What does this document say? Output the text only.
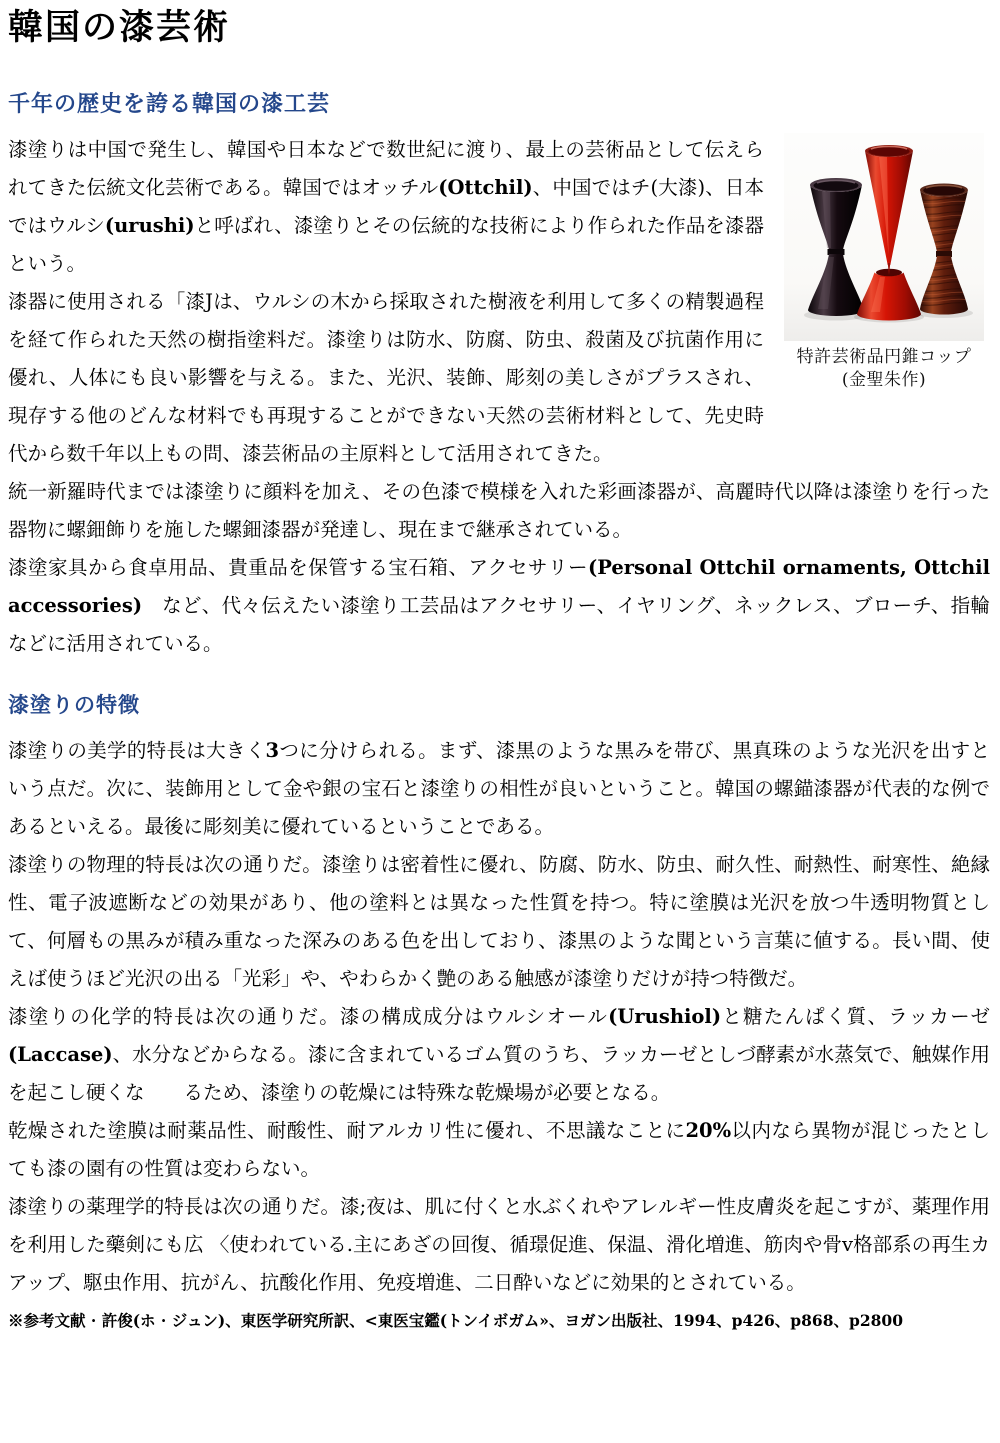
韓国の漆芸術
千年の歴史を誇る韓国の漆工芸
特許芸術品円錐コップ
(金聖朱作)

漆塗りは中国で発生し、韓国や日本などで数世紀に渡り、最上の芸術品として伝えられてきた伝統文化芸術である。韓国ではオッチル(Ottchil)、中国ではチ(大漆)、日本ではウルシ(urushi)と呼ばれ、漆塗りとその伝統的な技術により作られた作品を漆器という。

漆器に使用される「漆Jは、ウルシの木から採取された樹液を利用して多くの精製過程を経て作られた天然の樹指塗料だ。漆塗りは防水、防腐、防虫、殺菌及び抗菌作用に優れ、人体にも良い影響を与える。また、光沢、装飾、彫刻の美しさがプラスされ、現存する他のどんな材料でも再現することができない天然の芸術材料として、先史時代から数千年以上もの問、漆芸術品の主原料として活用されてきた。

統一新羅時代までは漆塗りに顔料を加え、その色漆で模様を入れた彩画漆器が、高麗時代以降は漆塗りを行った器物に螺鈿飾りを施した螺鈿漆器が発達し、現在まで継承されている。

漆塗家具から食卓用品、貴重品を保管する宝石箱、アクセサリー(Personal Ottchil ornaments, Ottchil accessories)　など、代々伝えたい漆塗り工芸品はアクセサリー、イヤリング、ネックレス、ブローチ、指輪などに活用されている。

漆塗りの特徴

漆塗りの美学的特長は大きく3つに分けられる。まず、漆黒のような黒みを帯び、黒真珠のような光沢を出すという点だ。次に、装飾用として金や銀の宝石と漆塗りの相性が良いということ。韓国の螺錨漆器が代表的な例であるといえる。最後に彫刻美に優れているということである。

漆塗りの物理的特長は次の通りだ。漆塗りは密着性に優れ、防腐、防水、防虫、耐久性、耐熱性、耐寒性、絶縁性、電子波遮断などの効果があり、他の塗料とは異なった性質を持つ。特に塗膜は光沢を放つ牛透明物質として、何層もの黒みが積み重なった深みのある色を出しており、漆黒のような聞という言葉に値する。長い間、使えば使うほど光沢の出る「光彩」や、やわらかく艶のある触感が漆塗りだけが持つ特徴だ。

漆塗りの化学的特長は次の通りだ。漆の構成成分はウルシオール(Urushiol)と糖たんぱく質、ラッカーゼ(Laccase)、水分などからなる。漆に含まれているゴム質のうち、ラッカーゼとしづ酵素が水蒸気で、触媒作用を起こし硬くな　　るため、漆塗りの乾燥には特殊な乾燥場が必要となる。

乾燥された塗膜は耐薬品性、耐酸性、耐アルカリ性に優れ、不思議なことに20%以内なら異物が混じったとしても漆の園有の性質は変わらない。

漆塗りの薬理学的特長は次の通りだ。漆;夜は、肌に付くと水ぶくれやアレルギー性皮膚炎を起こすが、薬理作用を利用した藥剣にも広 〈使われている.主にあざの回復、循璟促進、保温、滑化増進、筋肉や骨v格部系の再生カアップ、駆虫作用、抗がん、抗酸化作用、免疫増進、二日酔いなどに効果的とされている。

※参考文献 · 許俊(ホ · ジュン)、東医学研究所訳、<東医宝鑑(トンイボガム»、ヨガン出版社、1994、p426、p868、p2800
